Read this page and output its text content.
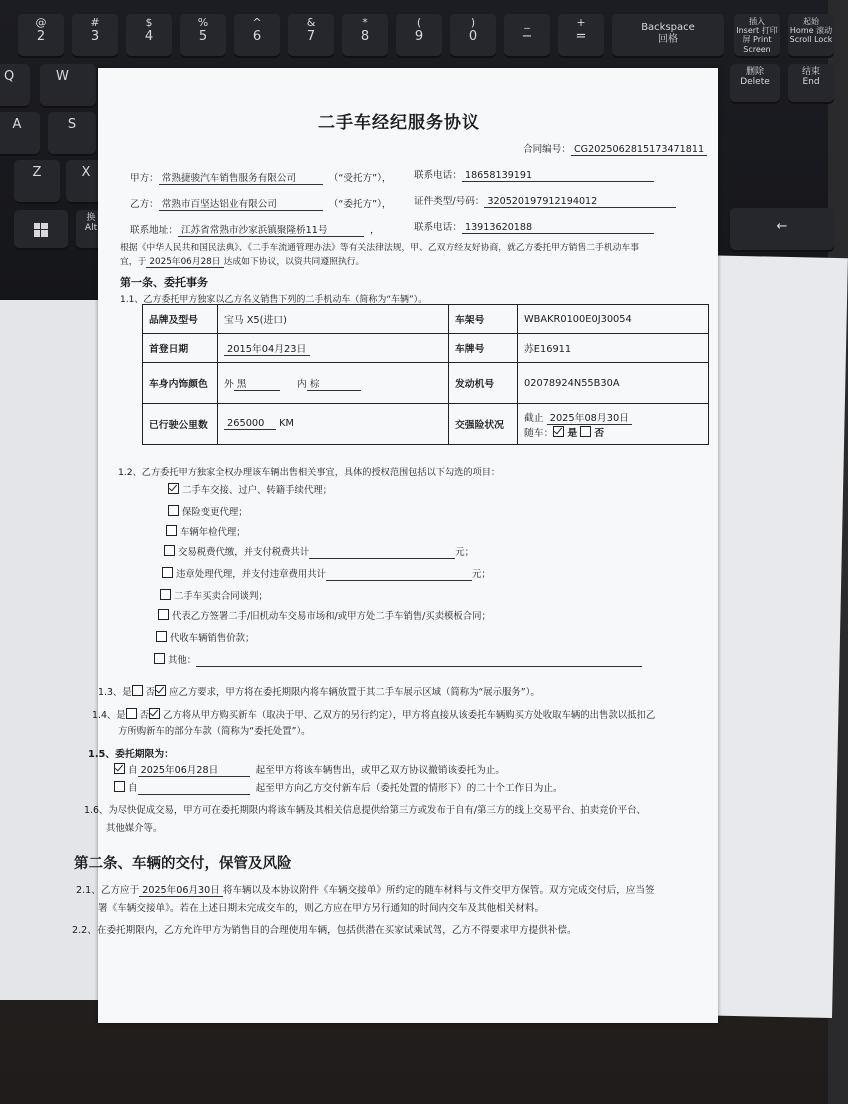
@
2
#
3
$
4
%
5
^
6
&
7
*
8
(
9
)
0
_
−
+
=
Backspace
回格
插入
Insert 打印屏 Print Screen
起始
Home 滚动 Scroll Lock
Q	W
A	S
Z	X
删除
Delete
结束
End
换
Alt	←
二手车经纪服务协议
合同编号： CG2025062815173471811
甲方： 常熟捷骏汽车销售服务有限公司	（“受托方”）， 联系电话： 18658139191
乙方： 常熟市百坚达铝业有限公司	（“委托方”）， 证件类型/号码： 320520197912194012
联系地址： 江苏省常熟市沙家浜镇聚隆桥11号	，	联系电话： 13913620188
根据《中华人民共和国民法典》、《二手车流通管理办法》等有关法律法规，甲、乙双方经友好协商，就乙方委托甲方销售二手机动车事
宜，于 2025年06月28日 达成如下协议，以资共同遵照执行。
第一条、委托事务
1.1、乙方委托甲方独家以乙方名义销售下列的二手机动车（简称为“车辆”）。
品牌及型号	宝马 X5(进口)	车架号	WBAKR0100E0J30054
首登日期	2015年04月23日	车牌号	苏E16911
车身内饰颜色	外 黑 内 棕	发动机号	02078924N55B30A
已行驶公里数	265000 KM	交强险状况	截止 2025年08月30日
随车： 是 否
1.2、乙方委托甲方独家全权办理该车辆出售相关事宜，具体的授权范围包括以下勾选的项目：
二手车交接、过户、转籍手续代理；
保险变更代理；
车辆年检代理；
交易税费代缴，并支付税费共计	元；
违章处理代理，并支付违章费用共计	元；
二手车买卖合同谈判；
代表乙方签署二手/旧机动车交易市场和/或甲方处二手车销售/买卖模板合同；
代收车辆销售价款；
其他：
1.3、是 否 应乙方要求，甲方将在委托期限内将车辆放置于其二手车展示区域（简称为“展示服务”）。
1.4、是 否 乙方将从甲方购买新车（取决于甲、乙双方的另行约定），甲方将直接从该委托车辆购买方处收取车辆的出售款以抵扣乙
方所购新车的部分车款（简称为“委托处置”）。
1.5、委托期限为：
自 2025年06月28日	起至甲方将该车辆售出，或甲乙双方协议撤销该委托为止。
自	起至甲方向乙方交付新车后（委托处置的情形下）的二十个工作日为止。
1.6、为尽快促成交易，甲方可在委托期限内将该车辆及其相关信息提供给第三方或发布于自有/第三方的线上交易平台、拍卖竞价平台、
其他媒介等。
第二条、车辆的交付，保管及风险
2.1、乙方应于 2025年06月30日 将车辆以及本协议附件《车辆交接单》所约定的随车材料与文件交甲方保管。双方完成交付后，应当签
署《车辆交接单》。若在上述日期未完成交车的，则乙方应在甲方另行通知的时间内交车及其他相关材料。
2.2、在委托期限内，乙方允许甲方为销售目的合理使用车辆，包括供潜在买家试乘试驾，乙方不得要求甲方提供补偿。
